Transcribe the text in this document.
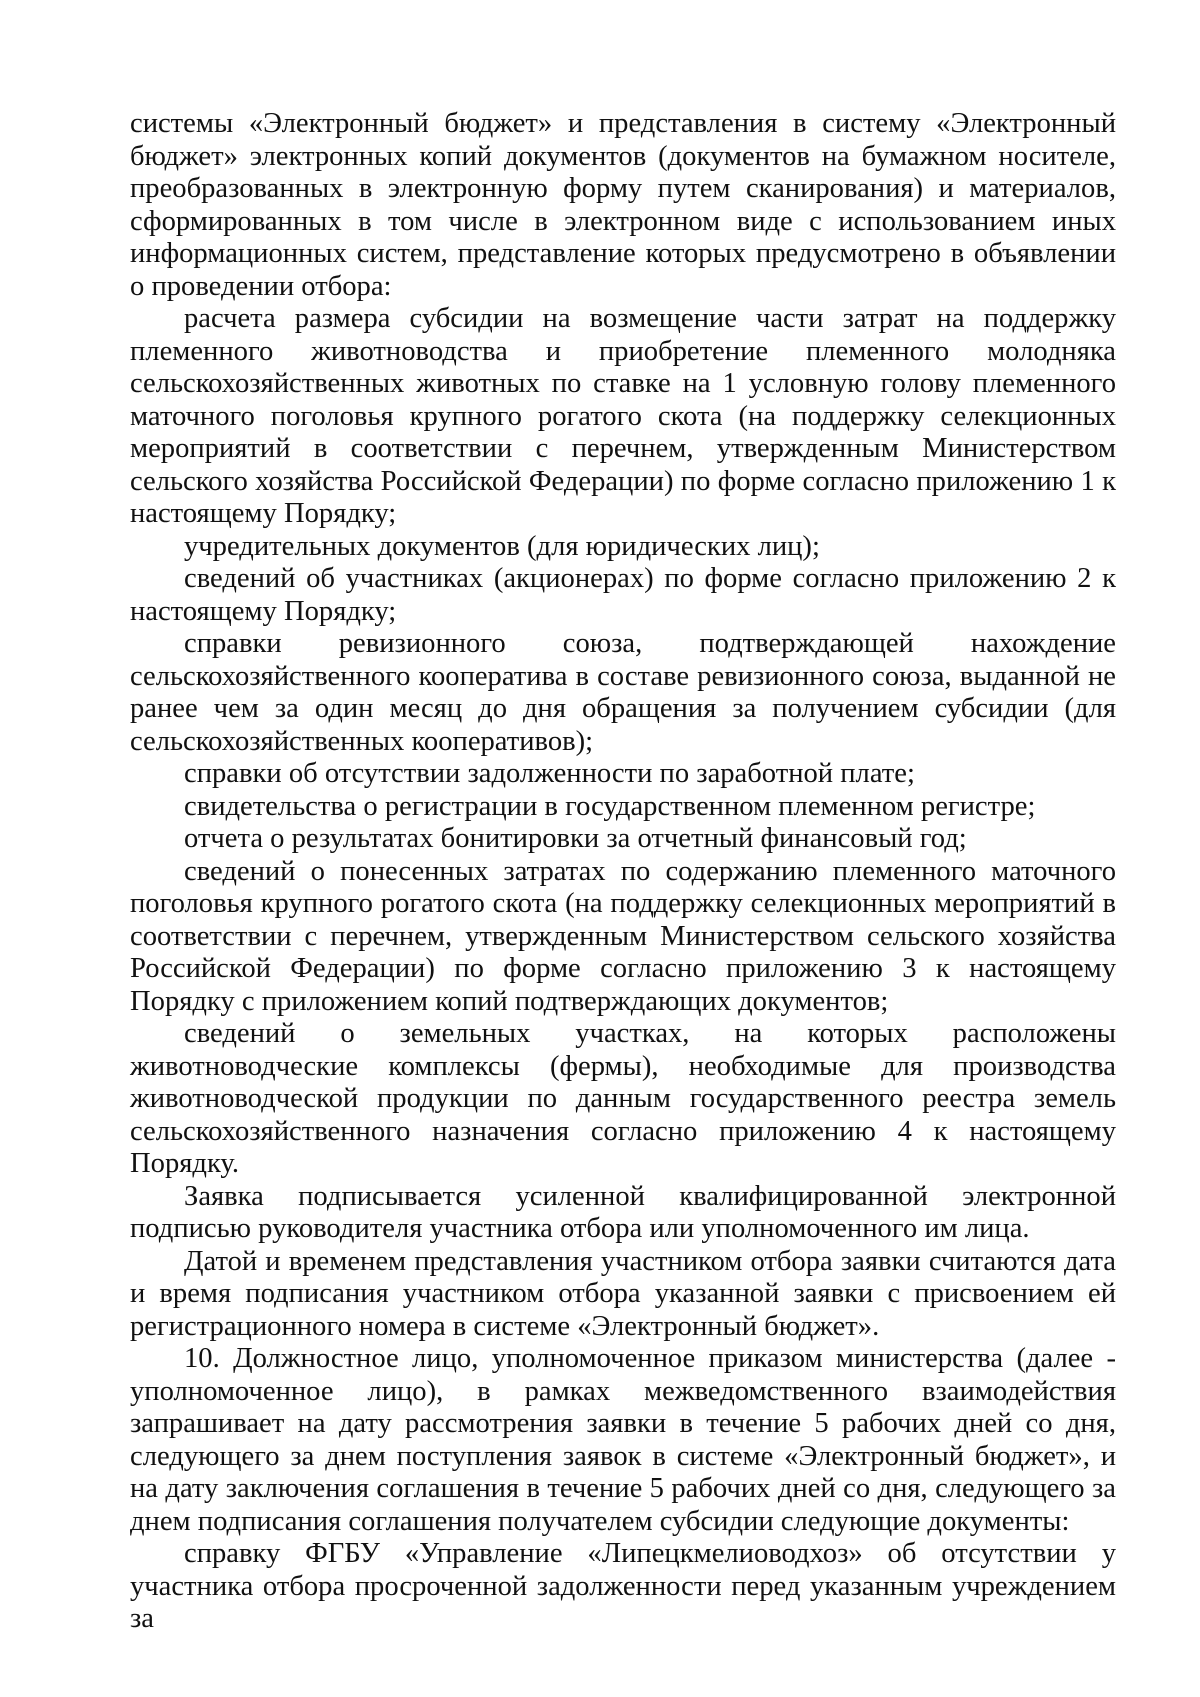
системы «Электронный бюджет» и представления в систему «Электронный бюджет» электронных копий документов (документов на бумажном носителе, преобразованных в электронную форму путем сканирования) и материалов, сформированных в том числе в электронном виде с использованием иных информационных систем, представление которых предусмотрено в объявлении о проведении отбора:

расчета размера субсидии на возмещение части затрат на поддержку племенного животноводства и приобретение племенного молодняка сельскохозяйственных животных по ставке на 1 условную голову племенного маточного поголовья крупного рогатого скота (на поддержку селекционных мероприятий в соответствии с перечнем, утвержденным Министерством сельского хозяйства Российской Федерации) по форме согласно приложению 1 к настоящему Порядку;

учредительных документов (для юридических лиц);

сведений об участниках (акционерах) по форме согласно приложению 2 к настоящему Порядку;

справки ревизионного союза, подтверждающей нахождение сельскохозяйственного кооператива в составе ревизионного союза, выданной не ранее чем за один месяц до дня обращения за получением субсидии (для сельскохозяйственных кооперативов);

справки об отсутствии задолженности по заработной плате;

свидетельства о регистрации в государственном племенном регистре;

отчета о результатах бонитировки за отчетный финансовый год;

сведений о понесенных затратах по содержанию племенного маточного поголовья крупного рогатого скота (на поддержку селекционных мероприятий в соответствии с перечнем, утвержденным Министерством сельского хозяйства Российской Федерации) по форме согласно приложению 3 к настоящему Порядку с приложением копий подтверждающих документов;

сведений о земельных участках, на которых расположены животноводческие комплексы (фермы), необходимые для производства животноводческой продукции по данным государственного реестра земель сельскохозяйственного назначения согласно приложению 4 к настоящему Порядку.

Заявка подписывается усиленной квалифицированной электронной подписью руководителя участника отбора или уполномоченного им лица.

Датой и временем представления участником отбора заявки считаются дата и время подписания участником отбора указанной заявки с присвоением ей регистрационного номера в системе «Электронный бюджет».

10. Должностное лицо, уполномоченное приказом министерства (далее - уполномоченное лицо), в рамках межведомственного взаимодействия запрашивает на дату рассмотрения заявки в течение 5 рабочих дней со дня, следующего за днем поступления заявок в системе «Электронный бюджет», и на дату заключения соглашения в течение 5 рабочих дней со дня, следующего за днем подписания соглашения получателем субсидии следующие документы:

справку ФГБУ «Управление «Липецкмелиоводхоз» об отсутствии у участника отбора просроченной задолженности перед указанным учреждением за
